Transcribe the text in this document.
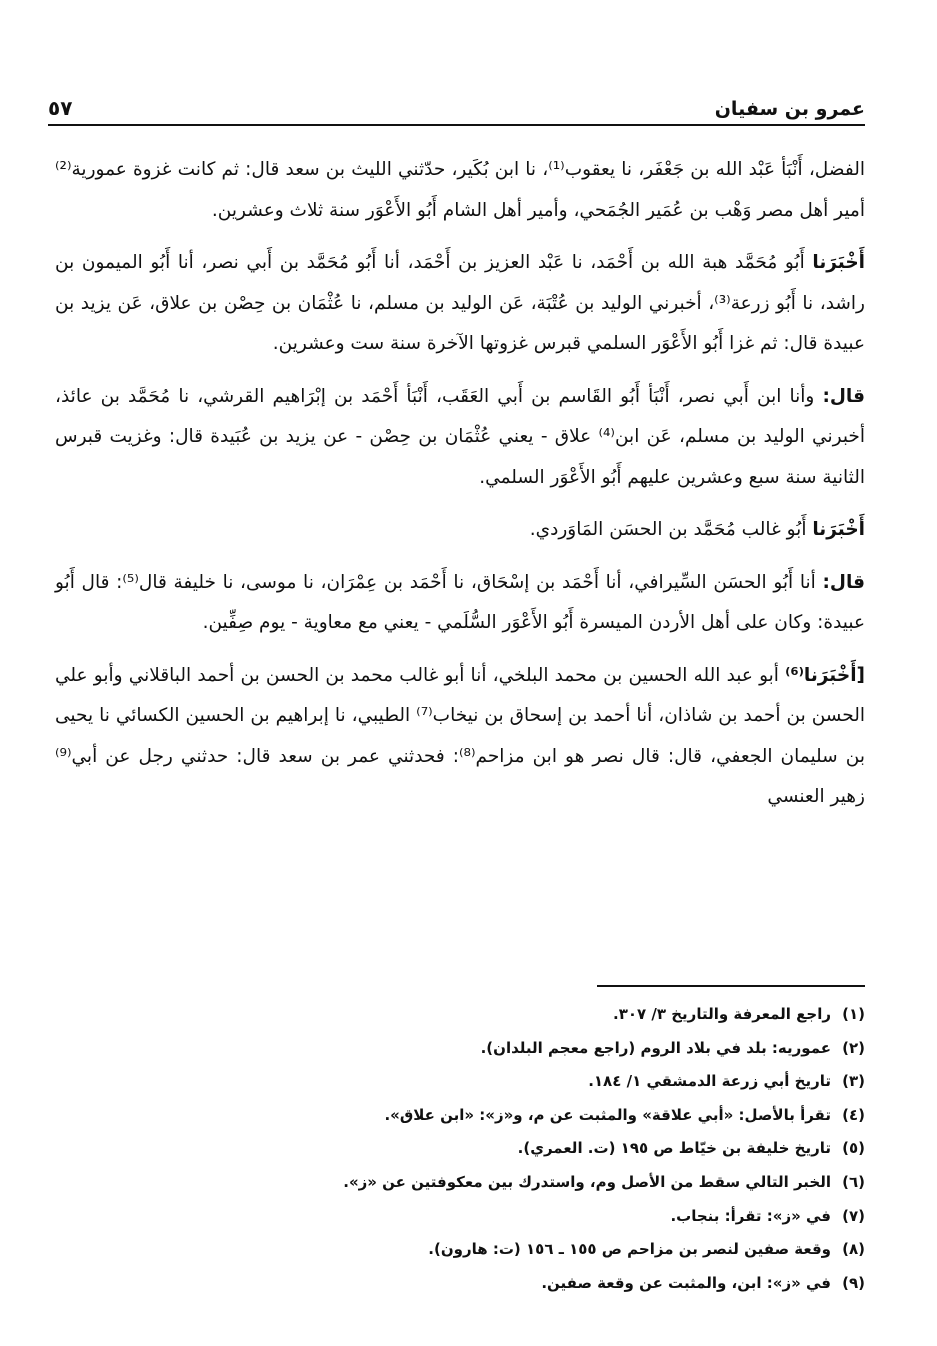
٥٧	عمرو بن سفيان

الفضل، أَنْبَأ عَبْد الله بن جَعْفَر، نا يعقوب⁽¹⁾، نا ابن بُكَير، حدّثني الليث بن سعد قال: ثم كانت غزوة عمورية⁽²⁾ أمير أهل مصر وَهْب بن عُمَير الجُمَحي، وأمير أهل الشام أَبُو الأَعْوَر سنة ثلاث وعشرين.

أَخْبَرَنا أَبُو مُحَمَّد هبة الله بن أَحْمَد، نا عَبْد العزيز بن أَحْمَد، أنا أَبُو مُحَمَّد بن أَبي نصر، أنا أَبُو الميمون بن راشد، نا أَبُو زرعة⁽³⁾، أخبرني الوليد بن عُتْبَة، عَن الوليد بن مسلم، نا عُثْمَان بن حِصْن بن علاق، عَن يزيد بن عبيدة قال: ثم غزا أَبُو الأَعْوَر السلمي قبرس غزوتها الآخرة سنة ست وعشرين.

قال: وأنا ابن أَبي نصر، أَنْبَأ أَبُو القَاسم بن أَبي العَقَب، أَنْبَأ أَحْمَد بن إبْرَاهيم القرشي، نا مُحَمَّد بن عائذ، أخبرني الوليد بن مسلم، عَن ابن⁽⁴⁾ علاق - يعني عُثْمَان بن حِصْن - عن يزيد بن عُبَيدة قال: وغزيت قبرس الثانية سنة سبع وعشرين عليهم أَبُو الأَعْوَر السلمي.

أَخْبَرَنا أَبُو غالب مُحَمَّد بن الحسَن المَاوَردي.

قال: أنا أَبُو الحسَن السِّيرافي، أنا أَحْمَد بن إسْحَاق، نا أَحْمَد بن عِمْرَان، نا موسى، نا خليفة قال⁽⁵⁾: قال أَبُو عبيدة: وكان على أهل الأردن الميسرة أَبُو الأَعْوَر السُّلَمي - يعني مع معاوية - يوم صِفِّين.

[أَخْبَرَنا⁽⁶⁾ أبو عبد الله الحسين بن محمد البلخي، أنا أبو غالب محمد بن الحسن بن أحمد الباقلاني وأبو علي الحسن بن أحمد بن شاذان، أنا أحمد بن إسحاق بن نيخاب⁽⁷⁾ الطيبي، نا إبراهيم بن الحسين الكسائي نا يحيى بن سليمان الجعفي، قال: قال نصر هو ابن مزاحم⁽⁸⁾: فحدثني عمر بن سعد قال: حدثني رجل عن أبي⁽⁹⁾ زهير العنسي

(١)
راجع المعرفة والتاريخ ٣/ ٣٠٧.
(٢)
عموريه: بلد في بلاد الروم (راجع معجم البلدان).
(٣)
تاريخ أبي زرعة الدمشقي ١/ ١٨٤.
(٤)
تقرأ بالأصل: «أبي علاقة» والمثبت عن م، و«ز»: «ابن علاق».
(٥)
تاريخ خليفة بن خيّاط ص ١٩٥ (ت. العمري).
(٦)
الخبر التالي سقط من الأصل وم، واستدرك بين معكوفتين عن «ز».
(٧)
في «ز»: تقرأ: بنجاب.
(٨)
وقعة صفين لنصر بن مزاحم ص ١٥٥ ـ ١٥٦ (ت: هارون).
(٩)
في «ز»: ابن، والمثبت عن وقعة صفين.
